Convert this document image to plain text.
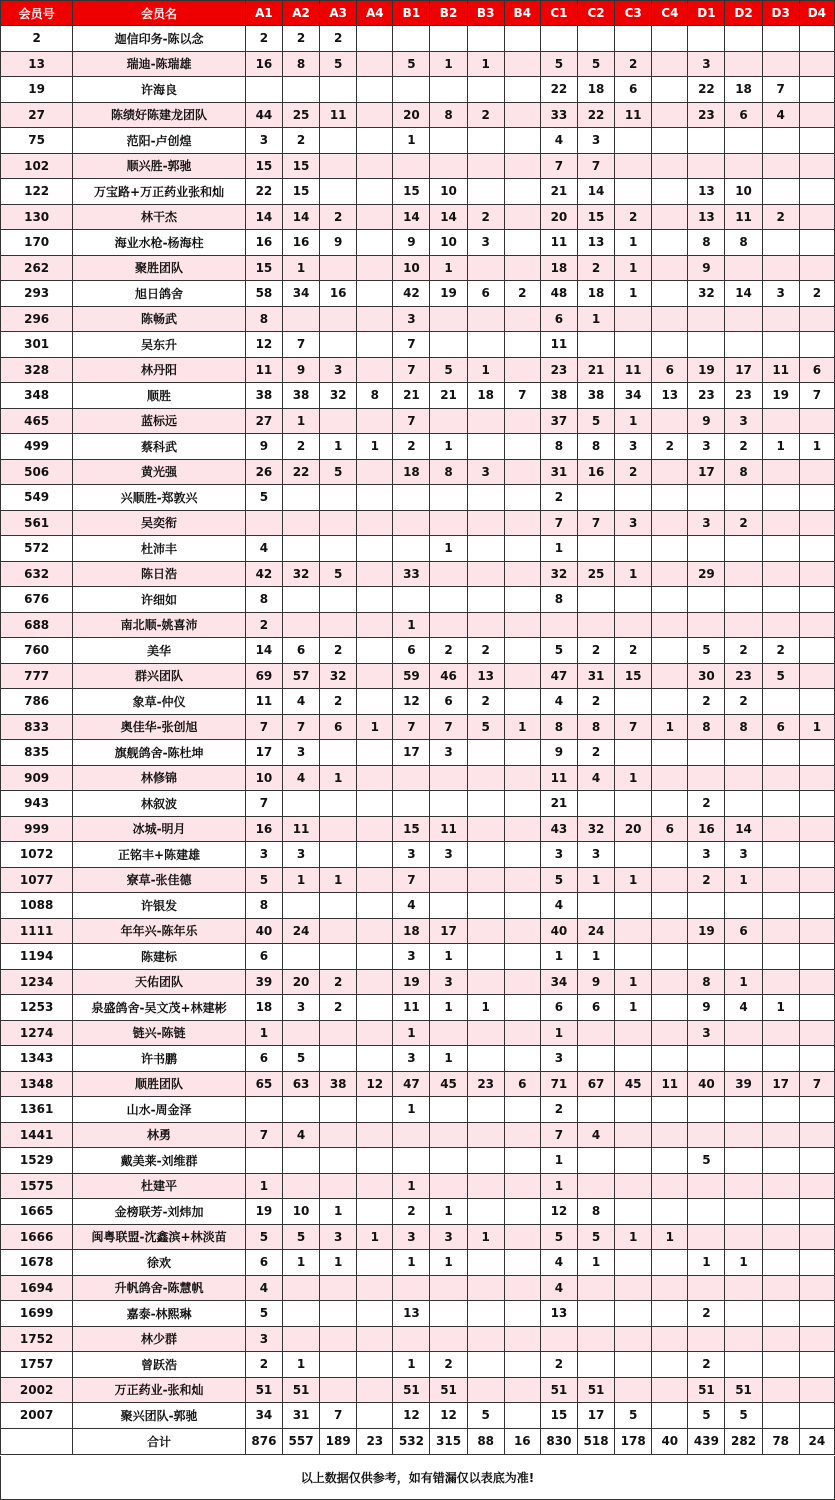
会员号	会员名	A1	A2	A3	A4	B1	B2	B3	B4	C1	C2	C3	C4	D1	D2	D3	D4
2	迦信印务-陈以念	2	2	2													
13	瑞迪-陈瑞雄	16	8	5		5	1	1		5	5	2		3			
19	许海良									22	18	6		22	18	7	
27	陈绩好陈建龙团队	44	25	11		20	8	2		33	22	11		23	6	4	
75	范阳-卢创煌	3	2			1				4	3						
102	顺兴胜-郭驰	15	15							7	7						
122	万宝路+万正药业张和灿	22	15			15	10			21	14			13	10		
130	林干杰	14	14	2		14	14	2		20	15	2		13	11	2	
170	海业水枪-杨海柱	16	16	9		9	10	3		11	13	1		8	8		
262	聚胜团队	15	1			10	1			18	2	1		9			
293	旭日鸽舍	58	34	16		42	19	6	2	48	18	1		32	14	3	2
296	陈畅武	8				3				6	1						
301	吴东升	12	7			7				11							
328	林丹阳	11	9	3		7	5	1		23	21	11	6	19	17	11	6
348	顺胜	38	38	32	8	21	21	18	7	38	38	34	13	23	23	19	7
465	蓝标远	27	1			7				37	5	1		9	3		
499	蔡科武	9	2	1	1	2	1			8	8	3	2	3	2	1	1
506	黄光强	26	22	5		18	8	3		31	16	2		17	8		
549	兴顺胜-郑敦兴	5								2							
561	吴奕衔									7	7	3		3	2		
572	杜沛丰	4					1			1							
632	陈日浩	42	32	5		33				32	25	1		29			
676	许细如	8								8							
688	南北顺-姚喜沛	2				1											
760	美华	14	6	2		6	2	2		5	2	2		5	2	2	
777	群兴团队	69	57	32		59	46	13		47	31	15		30	23	5	
786	象草-仲仪	11	4	2		12	6	2		4	2			2	2		
833	奥佳华-张创旭	7	7	6	1	7	7	5	1	8	8	7	1	8	8	6	1
835	旗舰鸽舍-陈杜坤	17	3			17	3			9	2						
909	林修锦	10	4	1						11	4	1					
943	林叙波	7								21				2			
999	冰城-明月	16	11			15	11			43	32	20	6	16	14		
1072	正铭丰+陈建雄	3	3			3	3			3	3			3	3		
1077	寮草-张佳德	5	1	1		7				5	1	1		2	1		
1088	许银发	8				4				4							
1111	年年兴-陈年乐	40	24			18	17			40	24			19	6		
1194	陈建标	6				3	1			1	1						
1234	天佑团队	39	20	2		19	3			34	9	1		8	1		
1253	泉盛鸽舍-吴文茂+林建彬	18	3	2		11	1	1		6	6	1		9	4	1	
1274	链兴-陈链	1				1				1				3			
1343	许书鹏	6	5			3	1			3							
1348	顺胜团队	65	63	38	12	47	45	23	6	71	67	45	11	40	39	17	7
1361	山水-周金泽					1				2							
1441	林勇	7	4							7	4						
1529	戴美莱-刘维群									1				5			
1575	杜建平	1				1				1							
1665	金榜联芳-刘炜加	19	10	1		2	1			12	8						
1666	闽粤联盟-沈鑫滨+林淡苗	5	5	3	1	3	3	1		5	5	1	1				
1678	徐欢	6	1	1		1	1			4	1			1	1		
1694	升帆鸽舍-陈慧帆	4								4							
1699	嘉泰-林熙琳	5				13				13				2			
1752	林少群	3															
1757	曾跃浩	2	1			1	2			2				2			
2002	万正药业-张和灿	51	51			51	51			51	51			51	51		
2007	聚兴团队-郭驰	34	31	7		12	12	5		15	17	5		5	5		
	合计	876	557	189	23	532	315	88	16	830	518	178	40	439	282	78	24
以上数据仅供参考，如有错漏仅以表底为准!
